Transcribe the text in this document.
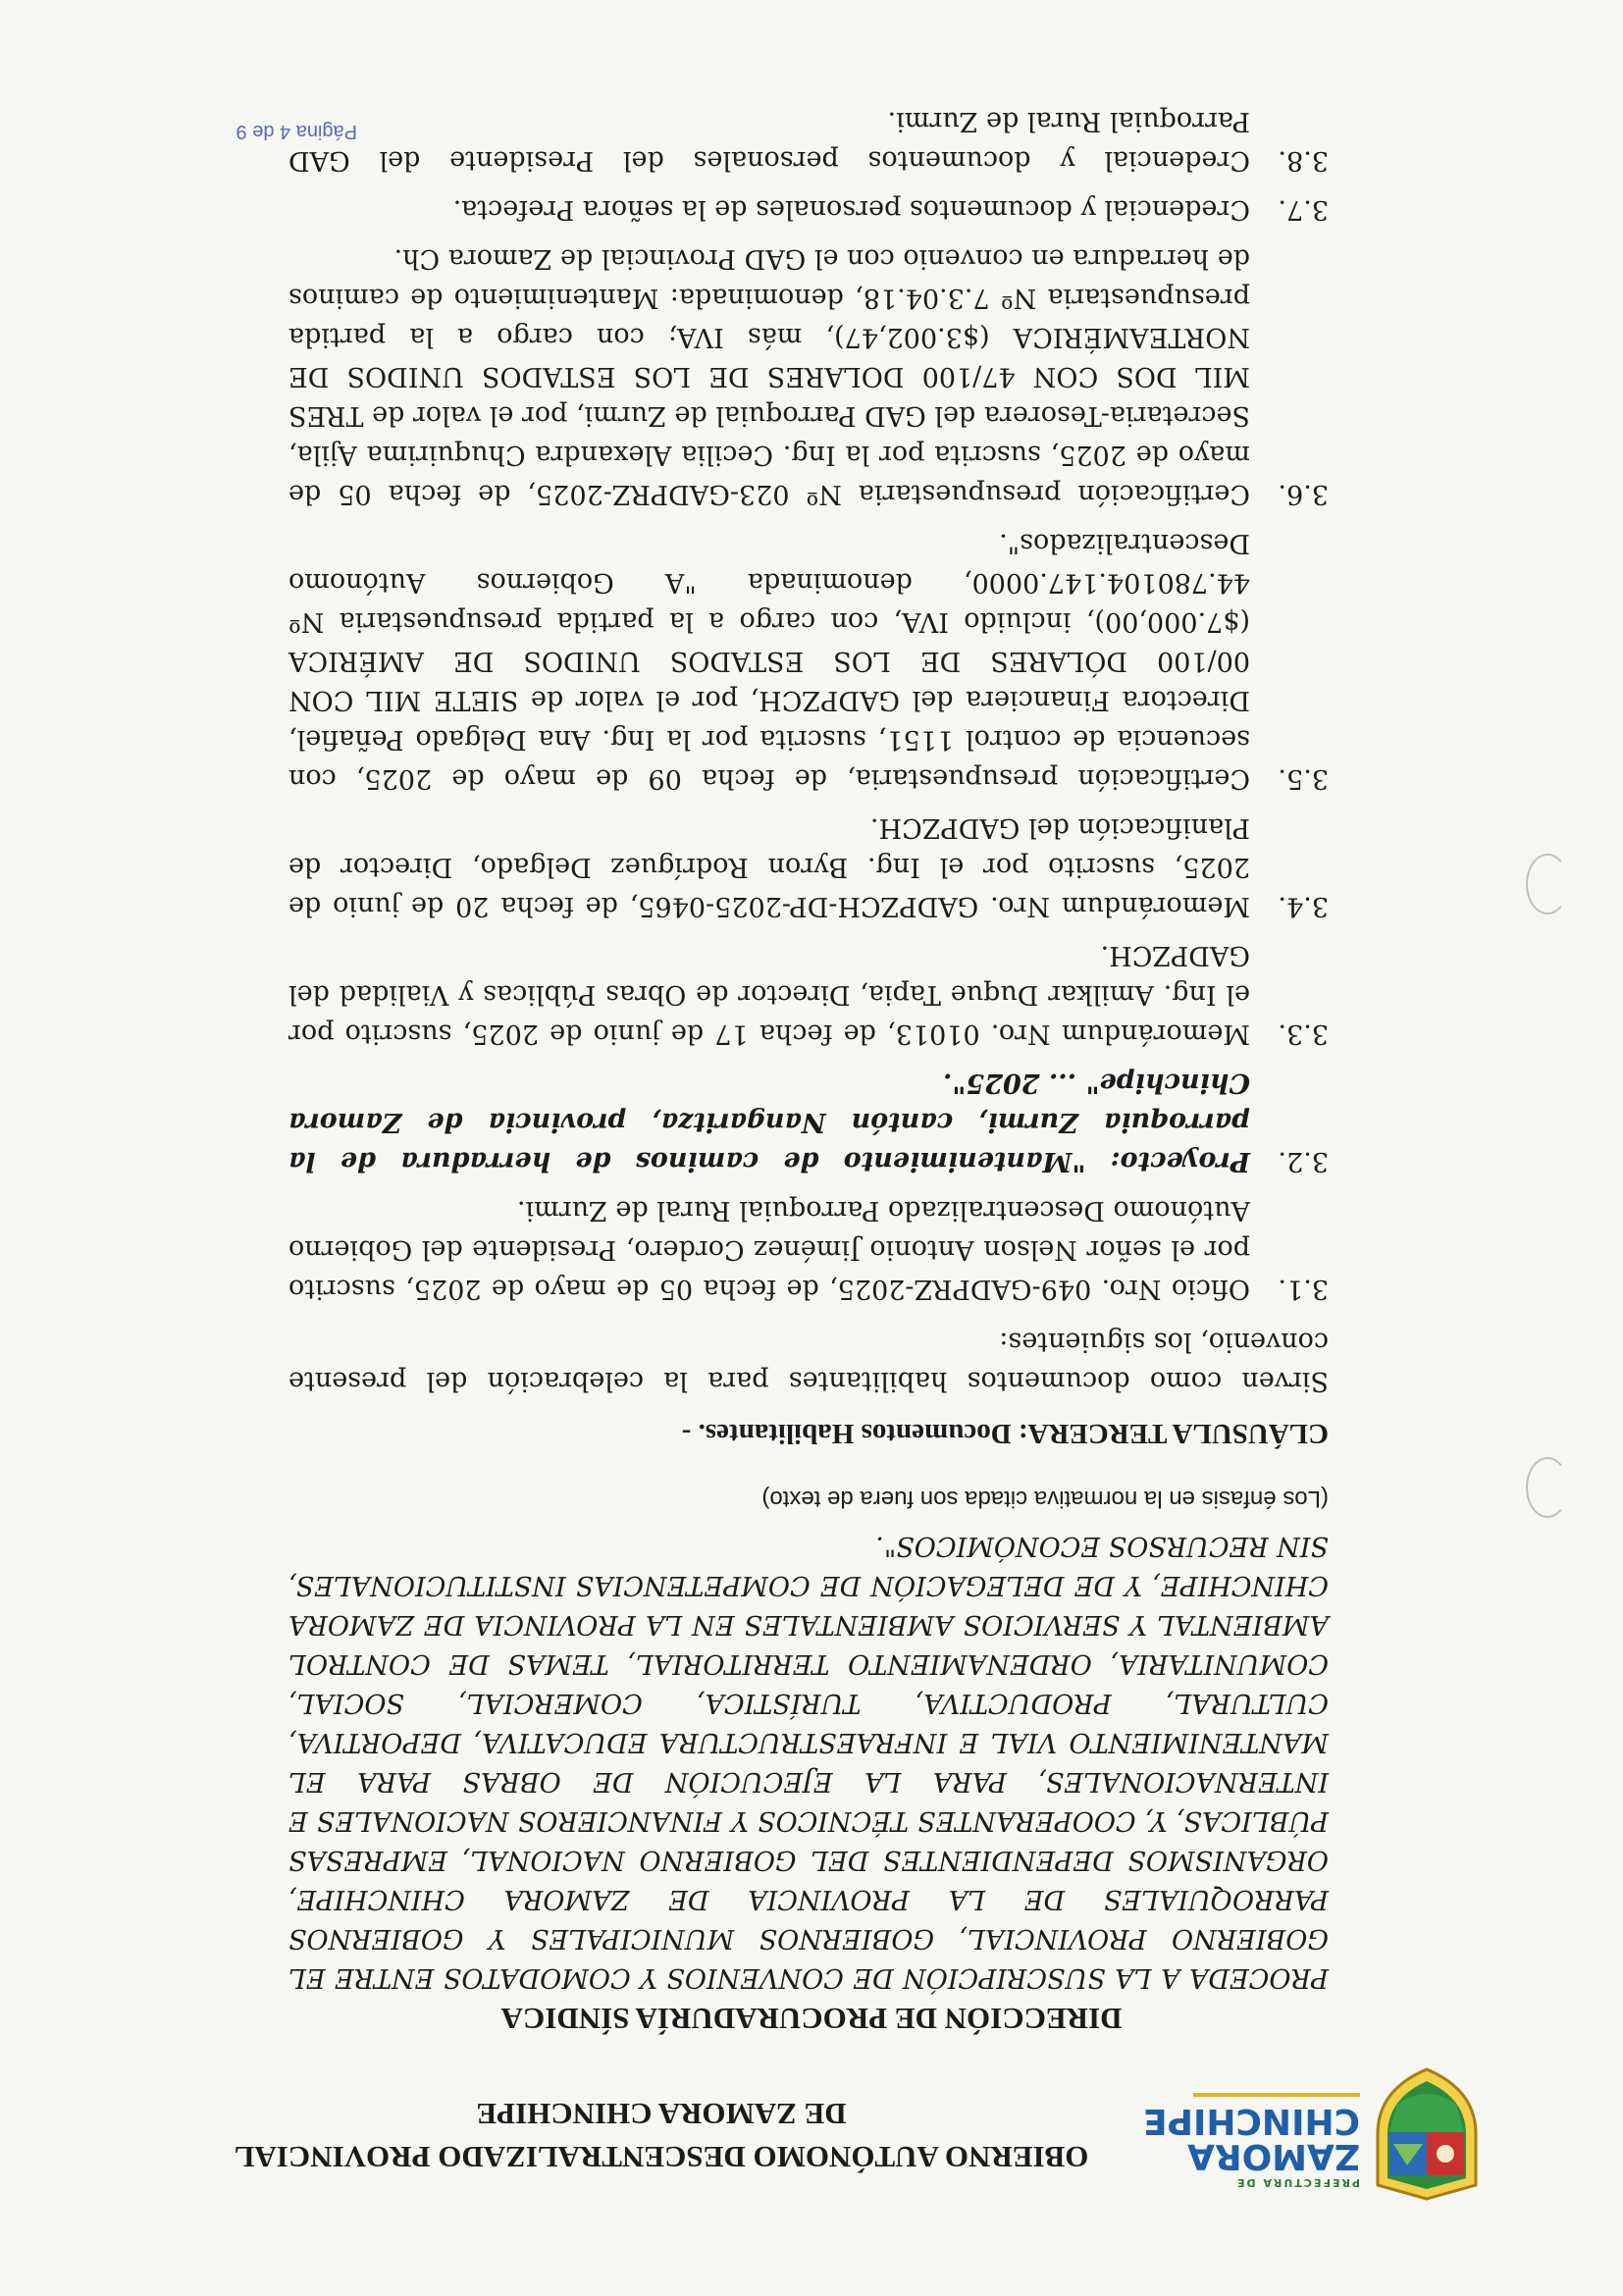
PREFECTURA DE
ZAMORA
CHINCHIPE
OBIERNO AUTÓNOMO DESCENTRALIZADO PROVINCIAL
DE ZAMORA CHINCHIPE
DIRECCIÓN DE PROCURADURÍA SÍNDICA

PROCEDA A LA SUSCRIPCIÓN DE CONVENIOS Y COMODATOS ENTRE EL GOBIERNO PROVINCIAL, GOBIERNOS MUNICIPALES Y GOBIERNOS PARROQUIALES DE LA PROVINCIA DE ZAMORA CHINCHIPE, ORGANISMOS DEPENDIENTES DEL GOBIERNO NACIONAL, EMPRESAS PÚBLICAS, Y, COOPERANTES TÉCNICOS Y FINANCIEROS NACIONALES E INTERNACIONALES, PARA LA EJECUCIÓN DE OBRAS PARA EL MANTENIMIENTO VIAL E INFRAESTRUCTURA EDUCATIVA, DEPORTIVA, CULTURAL, PRODUCTIVA, TURÍSTICA, COMERCIAL, SOCIAL, COMUNITARIA, ORDENAMIENTO TERRITORIAL, TEMAS DE CONTROL AMBIENTAL Y SERVICIOS AMBIENTALES EN LA PROVINCIA DE ZAMORA CHINCHIPE, Y DE DELEGACIÓN DE COMPETENCIAS INSTITUCIONALES, SIN RECURSOS ECONÓMICOS".

(Los énfasis en la normativa citada son fuera de texto)

CLÁUSULA TERCERA: Documentos Habilitantes. -

Sirven como documentos habilitantes para la celebración del presente convenio, los siguientes:

3.1.
Oficio Nro. 049-GADPRZ-2025, de fecha 05 de mayo de 2025, suscrito por el señor Nelson Antonio Jiménez Cordero, Presidente del Gobierno Autónomo Descentralizado Parroquial Rural de Zurmi.
3.2.
Proyecto: "Mantenimiento de caminos de herradura de la parroquia Zurmi, cantón Nangaritza, provincia de Zamora Chinchipe" ... 2025".
3.3.
Memorándum Nro. 01013, de fecha 17 de junio de 2025, suscrito por el Ing. Amilkar Duque Tapia, Director de Obras Públicas y Vialidad del GADPZCH.
3.4.
Memorándum Nro. GADPZCH-DP-2025-0465, de fecha 20 de junio de 2025, suscrito por el Ing. Byron Rodríguez Delgado, Director de Planificación del GADPZCH.
3.5.
Certificación presupuestaria, de fecha 09 de mayo de 2025, con secuencia de control 1151, suscrita por la Ing. Ana Delgado Peñafiel, Directora Financiera del GADPZCH, por el valor de SIETE MIL CON 00/100 DÓLARES DE LOS ESTADOS UNIDOS DE AMÉRICA ($7.000,00), incluido IVA, con cargo a la partida presupuestaria Nº 44.780104.147.0000, denominada "A Gobiernos Autónomo Descentralizados".
3.6.
Certificación presupuestaria Nº 023-GADPRZ-2025, de fecha 05 de mayo de 2025, suscrita por la Ing. Cecilia Alexandra Chuquirima Ajila, Secretaria-Tesorera del GAD Parroquial de Zurmi, por el valor de TRES MIL DOS CON 47/100 DOLARES DE LOS ESTADOS UNIDOS DE NORTEAMÉRICA ($3.002,47), más IVA; con cargo a la partida presupuestaria Nº 7.3.04.18, denominada: Mantenimiento de caminos de herradura en convenio con el GAD Provincial de Zamora Ch.
3.7.
Credencial y documentos personales de la señora Prefecta.
3.8.
Credencial y documentos personales del Presidente del GAD Parroquial Rural de Zurmi.
Página 4 de 9
